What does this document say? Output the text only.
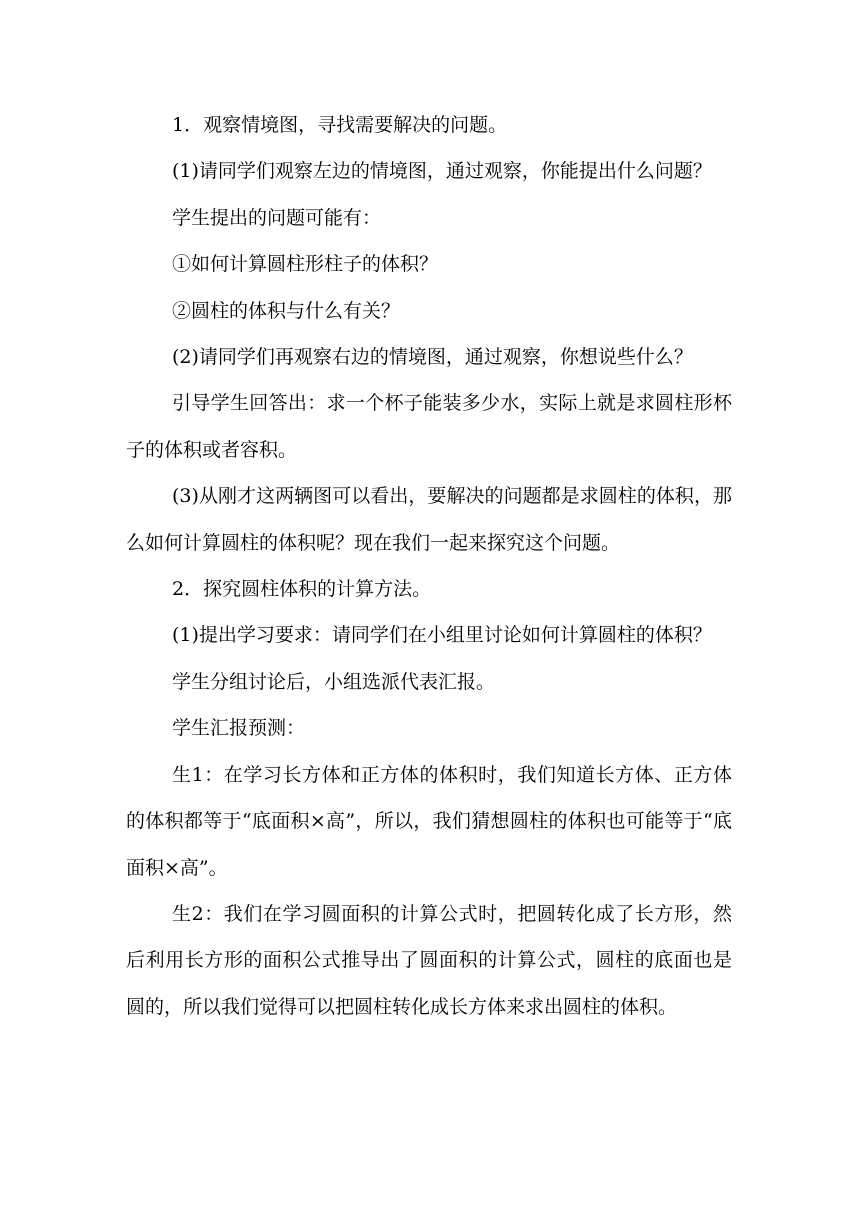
1．观察情境图，寻找需要解决的问题。

(1)请同学们观察左边的情境图，通过观察，你能提出什么问题？

学生提出的问题可能有：

①如何计算圆柱形柱子的体积？

②圆柱的体积与什么有关？

(2)请同学们再观察右边的情境图，通过观察，你想说些什么？

引导学生回答出：求一个杯子能装多少水，实际上就是求圆柱形杯子的体积或者容积。

(3)从刚才这两辆图可以看出，要解决的问题都是求圆柱的体积，那么如何计算圆柱的体积呢？现在我们一起来探究这个问题。

2．探究圆柱体积的计算方法。

(1)提出学习要求：请同学们在小组里讨论如何计算圆柱的体积？

学生分组讨论后，小组选派代表汇报。

学生汇报预测：

生1：在学习长方体和正方体的体积时，我们知道长方体、正方体的体积都等于“底面积×高”，所以，我们猜想圆柱的体积也可能等于“底面积×高”。

生2：我们在学习圆面积的计算公式时，把圆转化成了长方形，然后利用长方形的面积公式推导出了圆面积的计算公式，圆柱的底面也是圆的，所以我们觉得可以把圆柱转化成长方体来求出圆柱的体积。
